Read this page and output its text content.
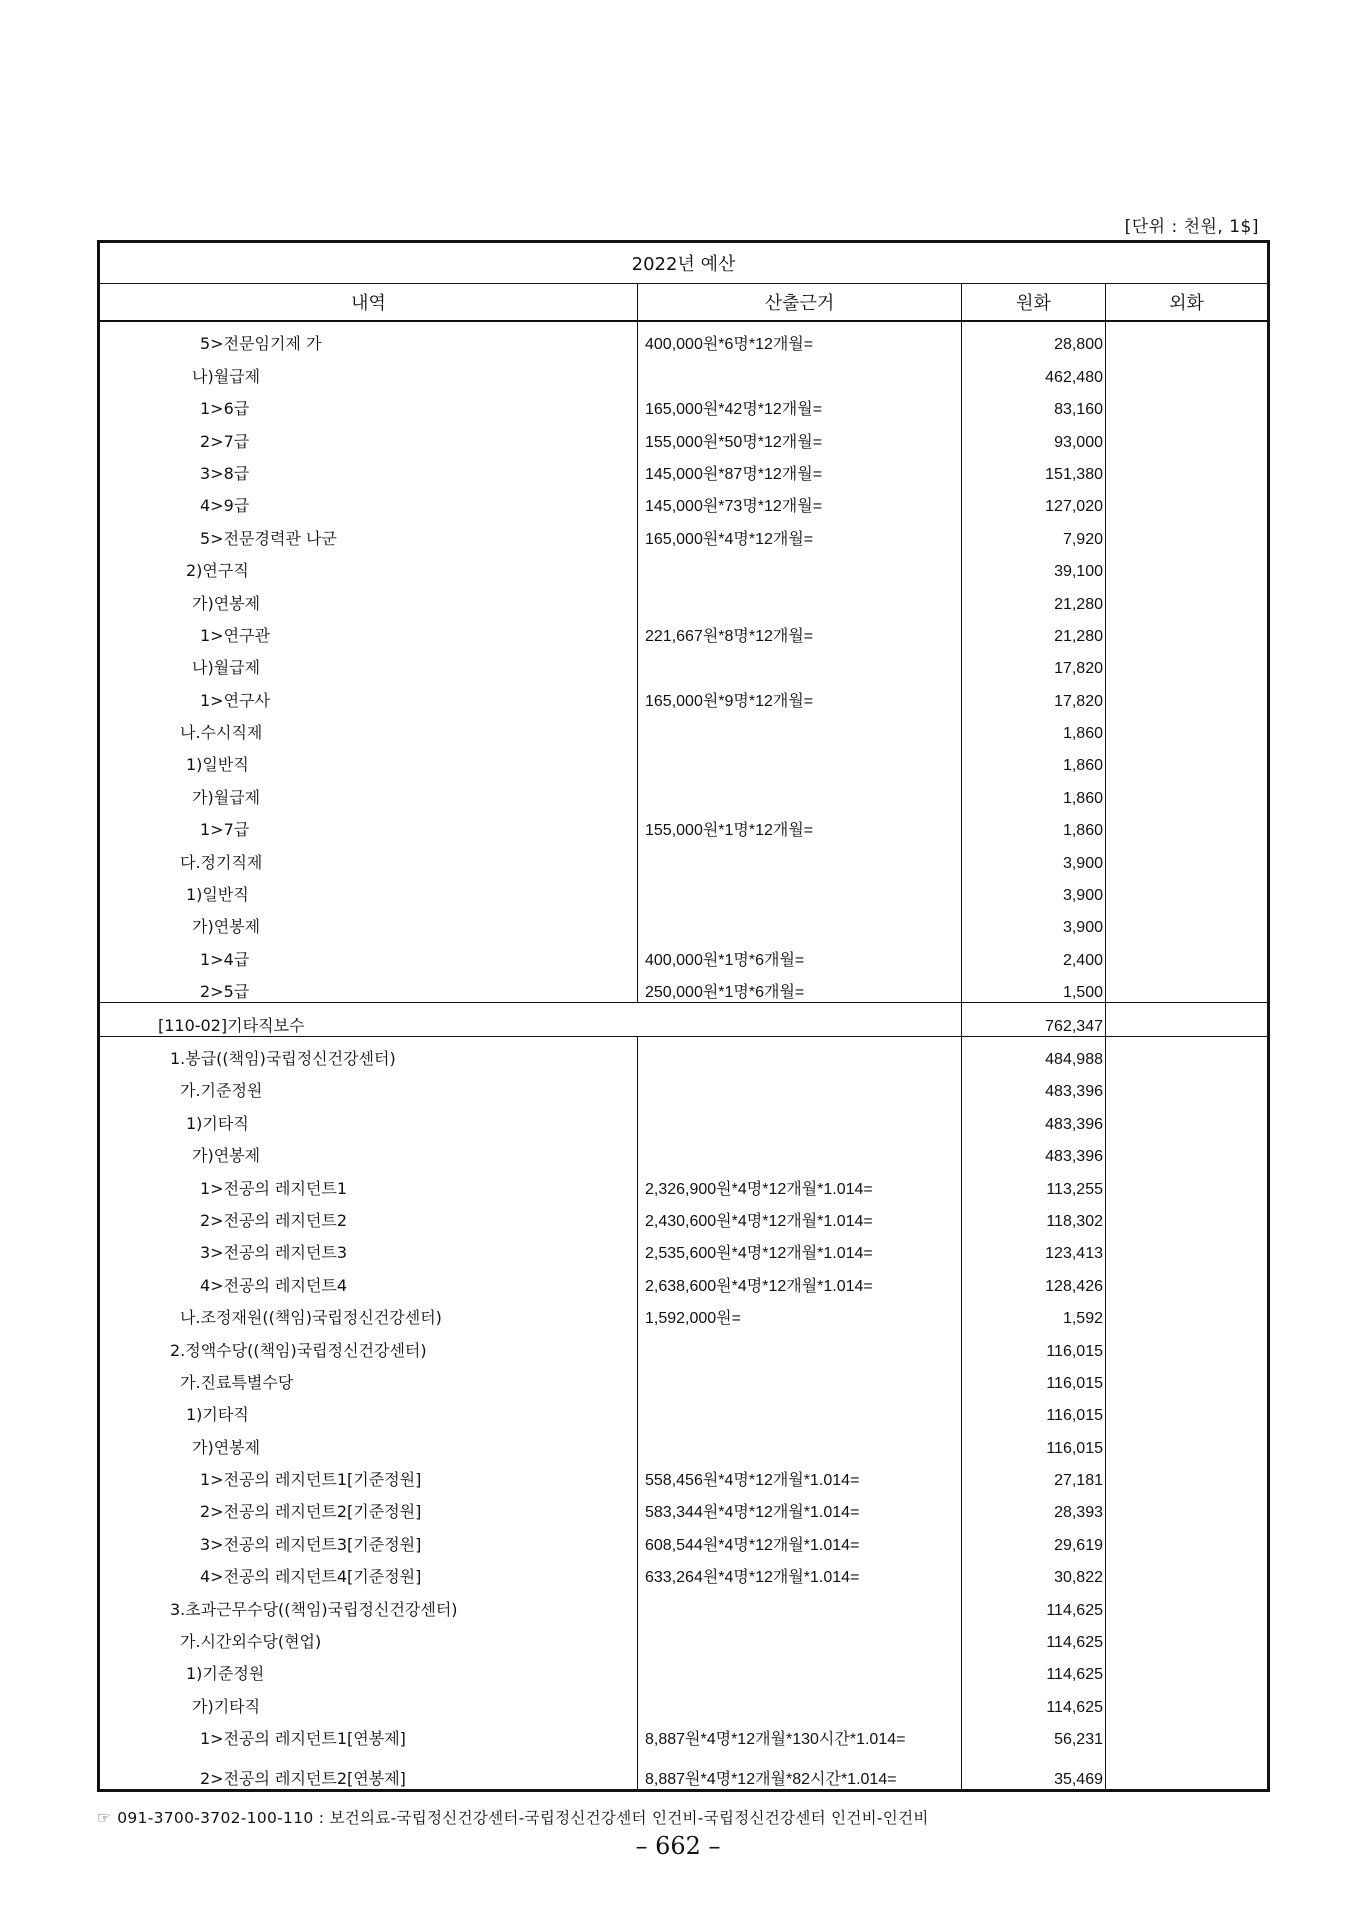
[단위 : 천원, 1$]
2022년 예산			
내역	산출근거	원화	외화
5>전문임기제 가	400,000원*6명*12개월=	28,800	
나)월급제		462,480	
1>6급	165,000원*42명*12개월=	83,160	
2>7급	155,000원*50명*12개월=	93,000	
3>8급	145,000원*87명*12개월=	151,380	
4>9급	145,000원*73명*12개월=	127,020	
5>전문경력관 나군	165,000원*4명*12개월=	7,920	
2)연구직		39,100	
가)연봉제		21,280	
1>연구관	221,667원*8명*12개월=	21,280	
나)월급제		17,820	
1>연구사	165,000원*9명*12개월=	17,820	
나.수시직제		1,860	
1)일반직		1,860	
가)월급제		1,860	
1>7급	155,000원*1명*12개월=	1,860	
다.정기직제		3,900	
1)일반직		3,900	
가)연봉제		3,900	
1>4급	400,000원*1명*6개월=	2,400	
2>5급	250,000원*1명*6개월=	1,500	
[110-02]기타직보수		762,347	
1.봉급((책임)국립정신건강센터)		484,988	
가.기준정원		483,396	
1)기타직		483,396	
가)연봉제		483,396	
1>전공의 레지던트1	2,326,900원*4명*12개월*1.014=	113,255	
2>전공의 레지던트2	2,430,600원*4명*12개월*1.014=	118,302	
3>전공의 레지던트3	2,535,600원*4명*12개월*1.014=	123,413	
4>전공의 레지던트4	2,638,600원*4명*12개월*1.014=	128,426	
나.조정재원((책임)국립정신건강센터)	1,592,000원=	1,592	
2.정액수당((책임)국립정신건강센터)		116,015	
가.진료특별수당		116,015	
1)기타직		116,015	
가)연봉제		116,015	
1>전공의 레지던트1[기준정원]	558,456원*4명*12개월*1.014=	27,181	
2>전공의 레지던트2[기준정원]	583,344원*4명*12개월*1.014=	28,393	
3>전공의 레지던트3[기준정원]	608,544원*4명*12개월*1.014=	29,619	
4>전공의 레지던트4[기준정원]	633,264원*4명*12개월*1.014=	30,822	
3.초과근무수당((책임)국립정신건강센터)		114,625	
가.시간외수당(현업)		114,625	
1)기준정원		114,625	
가)기타직		114,625	
1>전공의 레지던트1[연봉제]	8,887원*4명*12개월*130시간*1.014=	56,231	
2>전공의 레지던트2[연봉제]	8,887원*4명*12개월*82시간*1.014=	35,469	
☞ 091-3700-3702-100-110 : 보건의료-국립정신건강센터-국립정신건강센터 인건비-국립정신건강센터 인건비-인건비
– 662 –
